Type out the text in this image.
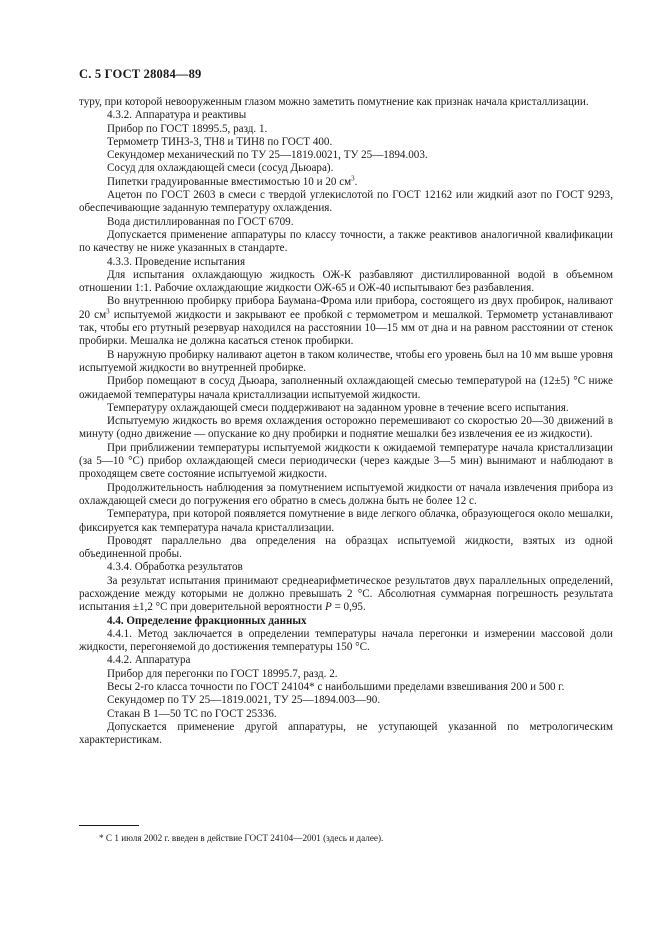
С. 5 ГОСТ 28084—89

туру, при которой невооруженным глазом можно заметить помутнение как признак начала кристаллизации.

4.3.2. Аппаратура и реактивы

Прибор по ГОСТ 18995.5, разд. 1.

Термометр ТИН3-3, ТН8 и ТИН8 по ГОСТ 400.

Секундомер механический по ТУ 25—1819.0021, ТУ 25—1894.003.

Сосуд для охлаждающей смеси (сосуд Дьюара).

Пипетки градуированные вместимостью 10 и 20 $см^3$.

Ацетон по ГОСТ 2603 в смеси с твердой углекислотой по ГОСТ 12162 или жидкий азот по ГОСТ 9293, обеспечивающие заданную температуру охлаждения.

Вода дистиллированная по ГОСТ 6709.

Допускается применение аппаратуры по классу точности, а также реактивов аналогичной квалификации по качеству не ниже указанных в стандарте.

4.3.3. Проведение испытания

Для испытания охлаждающую жидкость ОЖ-К разбавляют дистиллированной водой в объемном отношении 1:1. Рабочие охлаждающие жидкости ОЖ-65 и ОЖ-40 испытывают без разбавления.

Во внутреннюю пробирку прибора Баумана-Фрома или прибора, состоящего из двух пробирок, наливают 20 $см^3$ испытуемой жидкости и закрывают ее пробкой с термометром и мешалкой. Термометр устанавливают так, чтобы его ртутный резервуар находился на расстоянии 10—15 мм от дна и на равном расстоянии от стенок пробирки. Мешалка не должна касаться стенок пробирки.

В наружную пробирку наливают ацетон в таком количестве, чтобы его уровень был на 10 мм выше уровня испытуемой жидкости во внутренней пробирке.

Прибор помещают в сосуд Дьюара, заполненный охлаждающей смесью температурой на (12±5) °С ниже ожидаемой температуры начала кристаллизации испытуемой жидкости.

Температуру охлаждающей смеси поддерживают на заданном уровне в течение всего испытания.

Испытуемую жидкость во время охлаждения осторожно перемешивают со скоростью 20—30 движений в минуту (одно движение — опускание ко дну пробирки и поднятие мешалки без извлечения ее из жидкости).

При приближении температуры испытуемой жидкости к ожидаемой температуре начала кристаллизации (за 5—10 °С) прибор охлаждающей смеси периодически (через каждые 3—5 мин) вынимают и наблюдают в проходящем свете состояние испытуемой жидкости.

Продолжительность наблюдения за помутнением испытуемой жидкости от начала извлечения прибора из охлаждающей смеси до погружения его обратно в смесь должна быть не более 12 с.

Температура, при которой появляется помутнение в виде легкого облачка, образующегося около мешалки, фиксируется как температура начала кристаллизации.

Проводят параллельно два определения на образцах испытуемой жидкости, взятых из одной объединенной пробы.

4.3.4. Обработка результатов

За результат испытания принимают среднеарифметическое результатов двух параллельных определений, расхождение между которыми не должно превышать 2 °С. Абсолютная суммарная погрешность результата испытания ±1,2 °С при доверительной вероятности P = 0,95.

4.4. Определение фракционных данных

4.4.1. Метод заключается в определении температуры начала перегонки и измерении массовой доли жидкости, перегоняемой до достижения температуры 150 °С.

4.4.2. Аппаратура

Прибор для перегонки по ГОСТ 18995.7, разд. 2.

Весы 2-го класса точности по ГОСТ 24104* с наибольшими пределами взвешивания 200 и 500 г.

Секундомер по ТУ 25—1819.0021, ТУ 25—1894.003—90.

Стакан В 1—50 ТС по ГОСТ 25336.

Допускается применение другой аппаратуры, не уступающей указанной по метрологическим характеристикам.

* С 1 июля 2002 г. введен в действие ГОСТ 24104—2001 (здесь и далее).
